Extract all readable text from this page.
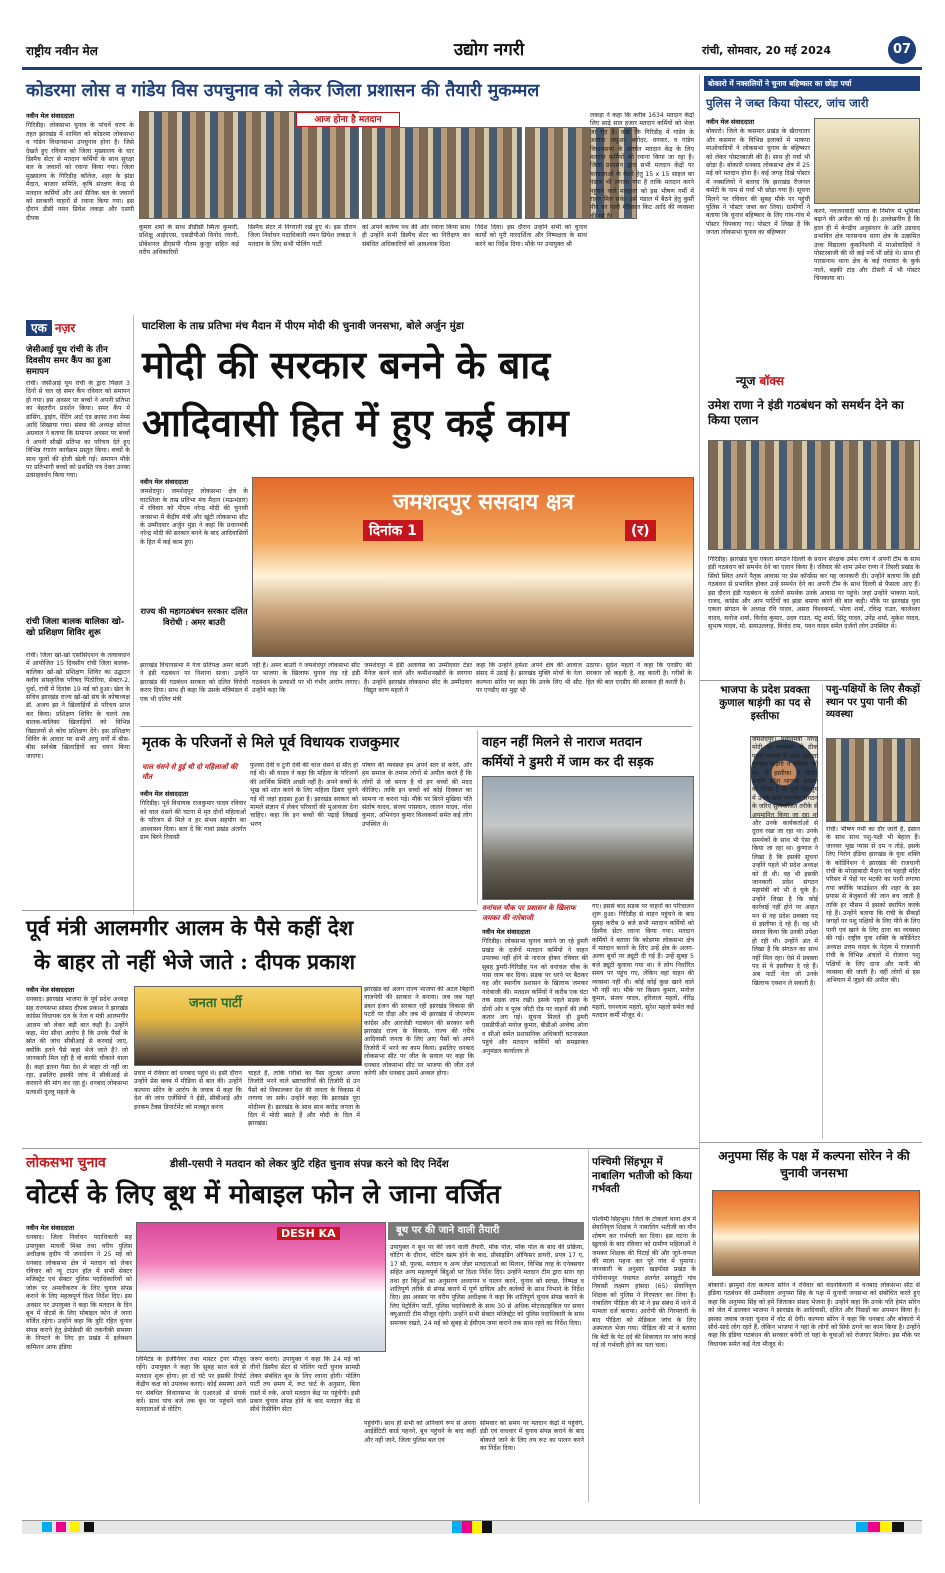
राष्ट्रीय नवीन मेल	उद्योग नगरी	रांची, सोमवार, 20 मई 2024	07
कोडरमा लोस व गांडेय विस उपचुनाव को लेकर जिला प्रशासन की तैयारी मुकम्मल
नवीन मेल संवाददाता
गिरिडीह। लोकसभा चुनाव के पांचवें चरण के तहत झारखंड में शामिल को कोडरमा लोकसभा व गांडेय विधानसभा उपचुनाव होना है। जिसे देखते हुए रविवार को जिला मुख्यालय के चार डिस्पैच सेंटर से मतदान कर्मियों के साथ सुरक्षा बल के जवानों को रवाना किया गया। जिला मुख्यालय के गिरिडीह कॉलेज, शहर के झंडा मैदान, बाजार समिति, कृषि संरक्षण केन्द्र से मतदान कर्मियों और अर्ध सैनिक बल के जवानों को सरकारी वाहनों से रवाना किया गया। इस दौरान डीसी नमन प्रियेश लकड़ा और एसपी दीपक
आज होना है मतदान
कुमार शर्मा के साथ डीडीसी स्मिता कुमारी, प्रशिक्षु आईएएस, एसडीपीओ विनोद रवानी, प्रोबेशनल डीएसपी गौतम कुजूर सहित कई वरीय अधिकारियों
डिस्पैच सेंटर में निगरानी रखे हुए थे। इस दौरान जिला निर्वाचन पदाधिकारी नमन प्रियेश लकड़ा ने मतदान के लिए सभी पोलिंग पार्टी
को अपने कर्तव्य पथ की ओर रवाना किया साथ ही उन्होंने सभी डिस्पैच सेंटर का निरीक्षण कर संबंधित अधिकारियों को आवश्यक दिशा
निर्देश दिया। इस दौरान उन्होंने सभी को चुनाव कार्यों को पूरी पारदर्शिता और निष्पक्षता के साथ करने का निर्देश दिया। मौके पर उपायुक्त श्री
लकड़ा ने कहा कि करीब 1634 मतदान केंद्रों लिए साढ़े सात हजार मतदान कर्मियों को भेजा जा रहा है। कहा कि गिरिडीह में गांडेय के अलावा जमुआ, बगोदर, धनवार, व गांडेय विधानसभा के अंतर्गत मतदान केंद्र के लिए मतदान कर्मियों को रवाना किया जा रहा है। जिला प्रशासन द्वारा सभी मतदान केंद्रों पर मतदाताओं के बैठने हेतु 15 x 15 साइज का पंडाल भी लगाया गया है ताकि मतदान करने पहुंचने वाले मतदाता को इस भीषण गर्मी में राहत मिल सके। उसे पंडाल में बैठने हेतु कुर्सी पीने का पानी मेडिकल किट आदि की व्यवस्था की गई है।
बोकारो में नक्सलियों ने चुनाव बहिष्कार का छोड़ा पर्चा
पुलिस ने जब्त किया पोस्टर, जांच जारी
नवीन मेल संवाददाता
बोकारो। जिले के कसमार प्रखंड के खैराचातर और कसमार के विभिन्न इलाकों में भाकपा माओवादियों ने लोकसभा चुनाव के बहिष्कार को लेकर पोस्टरबाजी की है। साथ ही पर्चा भी छोड़ा है। बोकारो धनबाद लोकसभा क्षेत्र में 25 मई को मतदान होना है। कई जगह दिखे पोस्टर में नक्सलियों ने बताया कि झारखंड रीजनल कमेटी के नाम से पर्चा भी छोड़ा गया है। सूचना मिलने पर रविवार की सुबह मौके पर पहुंची पुलिस ने पोस्टर जब्त कर लिया। ग्रामीणों ने बताया कि चुनाव बहिष्कार के लिए गांव-गांव में पोस्टर चिपकाए गए। पोस्टर में लिखा है कि जनता लोकसभा चुनाव का बहिष्कार
करने, नवजनवादी भारत के निर्माण में भूमिका बढ़ाने की अपील की गई है। उल्लेखनीय है कि हाल ही में केन्द्रीय अनुसंधान के अति उग्रवाद प्रभावित क्षेत्र पारसनाथ थाना क्षेत्र के उत्क्रमित उच्च विद्यालय कुकनिशपी में माओवादियों ने पोस्टरबाजी की थी कई पर्चे भी छोड़े थे। साथ ही पारसनाथ थाना क्षेत्र के कई पंचायत के कुर्क नाले, बड़की टांड़ और टीसरी में भी पोस्टर चिपकाया था।
एक नज़र
जेसीआई यूथ रांची के तीन दिवसीय समर कैंप का हुआ समापन
रांची। जेसीआई यूथ रांची के द्वारा पिछले 3 दिनों से चल रहे समर कैंप रविवार को समापन हो गया। इस अवसर पर बच्चों ने अपनी प्रतिभा का बेहतरीन प्रदर्शन किया। समर कैंप में डांसिंग, ड्राइंग, पेंटिंग आर्ट एंड क्राफ्ट तथा मेम्स आदि सिखाया गया। संस्था की अध्यक्ष सोनल अग्रवाल ने बताया कि समापन अवसर पर बच्चों ने अपनी सीखी प्रतिभा का परिचय देते हुए विभिन्न रंगारंग कार्यक्रम प्रस्तुत किया। बच्चों के साथ फूलों की होली खेली गई। समापन मौके पर प्रतिभागी बच्चों को प्रशस्ति पत्र देकर उनका उत्साहवर्धन किया गया।
रांची जिला बालक बालिका खो-खो प्रशिक्षण शिविर शुरू
रांची। जिला खो-खो एसोसिएशन के तत्वावधान में आयोजित 15 दिवसीय रांची जिला बालक-बालिका खो-खो प्रशिक्षण शिविर का उद्घाटन क्लीव सांस्कृतिक परिषद पिठोरिया, सेक्टर-2, धुर्वा, रांची में दिनांक 19 मई को हुआ। खेल के सचिव झारखंड राज्य खो-खो संघ के कोषाध्यक्ष डॉ. अजय झा ने खिलाड़ियों से परिचय प्राप्त कर किया। प्रशिक्षण शिविर के चलने तक बालक-बालिका खिलाड़ियों को विभिन्न विद्यालयों से कोच प्रशिक्षण देंगे। इस प्रशिक्षण शिविर के आधार पर सभी आयु वर्गों में बीस-बीस सर्वश्रेष्ठ खिलाड़ियों का चयन किया जाएगा।
घाटशिला के ताम्र प्रतिभा मंच मैदान में पीएम मोदी की चुनावी जनसभा, बोले अर्जुन मुंडा
मोदी की सरकार बनने के बाद
आदिवासी हित में हुए कई काम
नवीन मेल संवाददाता
जमशेदपुर। जमशेदपुर लोकसभा क्षेत्र के घाटशिला के ताम्र प्रतिभा मंच मैदान (मऊभंडार) में रविवार को पीएम नरेन्द्र मोदी की चुनावी जनसभा में केंद्रीय मंत्री और खूंटी लोकसभा सीट के उम्मीदवार अर्जुन मुंडा ने कहा कि प्रधानमंत्री नरेन्द्र मोदी की सरकार बनने के बाद आदिवासियों के हित में कई काम हुए।
राज्य की महागठबंधन सरकार दलित विरोधी : अमर बाउरी
जमशदपुर ससदाय क्षत्र
दिनांक 1	(र)
झारखंड विधानसभा में नेता प्रतिपक्ष अमर बाउरी ने इंडी गठबंधन पर निशाना साधा। उन्होंने झारखंड की गठबंधन सरकार को दलित विरोधी करार दिया। साथ ही कहा कि उसके मंत्रिमंडल में एक भी दलित मंत्री
नहीं है। अमर बाउरी ने जमशेदपुर लोकसभा सीट पर भाजपा के खिलाफ चुनाव लड़ रहे इंडी गठबंधन के प्रत्याशी पर भी गंभीर आरोप लगाए। उन्होंने कहा कि
जमशेदपुर में इंडी अलायंस का उम्मीदवार टेंडर मैनेज करने वाले और कमीशनखोरों के सरगना हैं। उन्होंने झारखंड लोकसभा सीट के उम्मीदवार विद्युत वरण महतो ने
कहा कि उन्होंने हमेशा अपने क्षेत्र की आवाज संसद में उठाई है। झारखंड मुक्ति मोर्चा के नेता कल्पना सोरेन पर कहा कि उनके लिए भी सीट पर एनडीए का मुद्दा भी
उठाया। सुदेश महतो ने कहा कि एनडीए की सरकार जो कहती है, वह करती है। गरीबों के हित की बात एनडीए की सरकार ही करती है।
मृतक के परिजनों से मिले पूर्व विधायक राजकुमार
चाल धंसने से हुई थी दो महिलाओं की मौत
नवीन मेल संवाददाता
गिरिडीह। पूर्व विधायक राजकुमार यादव रविवार को चाल धंसने की घटना में मृत दोनों महिलाओं के परिजन से मिले व हर संभव सहयोग का आश्वासन दिया। बता दें कि गावां प्रखंड अंतर्गत ग्राम बिरने निवासी
फुलवा देवी व टुनी देवी की चाल धंसने से मौत हो गई थी। श्री यादव ने कहा कि महिला के परिजनों की आर्थिक स्थिति अच्छी नहीं है। अपने बच्चों के भूख को शांत करने के लिए महिला ढिबरा चुनने गई थी जहां हादसा हुआ है। झारखंड सरकार को मामले संज्ञान में लेकर परिवारों की मुआवजा देना चाहिए। कहा कि इन बच्चों की पढ़ाई लिखाई भरण
पोषण की व्यवस्था हम अपने स्तर से करेंगे, और हम समाज के तमाम लोगों से अपील करते हैं कि लोगों से जो बनता है वो इन बच्चों की मदद कीजिए। ताकि इन बच्चों को कोई दिक्कत का सामना ना करना पड़े। मौके पर बिरने मुखिया पति संतोष यादव, संजय पासवान, लालन यादव, नरेश कुमार, अभिनंदन कुमार विश्वकर्मा समेत कई लोग उपस्थित थे।
वाहन नहीं मिलने से नाराज मतदान
कर्मियों ने डुमरी में जाम कर दी सड़क
वनांचल चौक पर प्रशासन के खिलाफ जमकर की नारेबाजी
नवीन मेल संवाददाता
गिरिडीह। लोकसभा चुनाव कराने जा रहे डुमरी प्रखंड के दर्जनों मतदान कर्मियों ने वाहन उपलब्ध नहीं होने से नाराज होकर रविवार की सुबह डुमरी-गिरिडीह पथ को वनांचल चौक के पास जाम कर दिया। सड़क पर धरने पर बैठकर वह और स्थानीय प्रशासन के खिलाफ जमकर नारेबाजी की। मतदान कर्मियों ने करीब एक घंटा तक सड़क जाम रखी। इसके पहले सड़क के दोनों ओर व पूरब जीटी रोड पर वाहनों की लंबी कतार लग गई। सूचना मिलते ही डुमरी एसडीपीओ मनोज कुमार, बीडीओ अन्वेषा ओना व सीओ समेत प्रशासनिक अधिकारी घटनास्थल पहुंचे और मतदान कर्मियों को समझाकर अनुमंडल कार्यालय ले
गए। इससे बाद सड़क पर वाहनों का परिचालन शुरू हुआ। गिरिडीह से वाहन पहुंचने के बाद सुबह करीब 9 बजे सभी मतदान कर्मियों को डिस्पैच सेंटर रवाना किया गया। मतदान कर्मियों ने बताया कि कोडरमा लोकसभा क्षेत्र में मतदान कराने के लिए उन्हें क्षेत्र के अलग-अलग बूथों पर ड्यूटी दी गई है। उन्हें सुबह 5 बजे ड्यूटी बुलाया गया था। वे लोग निर्धारित समय पर पहुंच गए, लेकिन वहां वाहन की व्यवस्था नहीं थी। कोई कोई कुछ खाने वाले भी नहीं था। मौके पर किसन कुमार, मनोज कुमार, संजय यादव, हरिलाल महतो, वीरेंद्र महतो, घनश्याम महतो, सुरेश महतो समेत कई मतदान कर्मी मौजूद थे।
पूर्व मंत्री आलमगीर आलम के पैसे कहीं देश
के बाहर तो नहीं भेजे जाते : दीपक प्रकाश
नवीन मेल संवाददाता
धनबाद। झारखंड भाजपा के पूर्व प्रदेश अध्यक्ष सह राज्यसभा सांसद दीपक प्रकाश ने झारखंड कांग्रेस विधायक दल के नेता व मंत्री आलमगीर आलम को लेकर बड़ी बात कही है। उन्होंने कहा, मेरा सीधा आरोप है कि उनके पैसों के स्रोत की जांच सीबीआई से करवाई जाए, क्योंकि इतने पैसे कहां भेजे जाते हैं? जो जानकारी मिल रही है वो काफी चौकाने वाला है। कहां इतना पैसा देश से बाहर तो नहीं जा रहा, इसलिए इसकी जांच में सीबीआई से करवाने की मांग कर रहा हूं। धनबाद लोकसभा प्रत्याशी दुल्लू महतो के
जनता पार्टी
प्रचार में रविवार को धनबाद पहुंचे थे। इसी दौरान उन्होंने प्रेस क्लब में मीडिया से बात की। उन्होंने कल्पना सोरेन के आरोप के जवाब में कहा कि देश की जांच एजेंसियों ने ईडी, सीबीआई और इनकम टैक्स डिपार्टमेंट को मजबूत करना
चाहते हैं, ताकि गरीबों का पैसा लूटकर अपना तिजोरी भरने वाले भ्रष्टाचारियों की तिजोरी से उन पैसों को निकालकर देश की जनता के विकास में लगाया जा सके। उन्होंने कहा कि झारखंड पूरा मोदीमय है। झारखंड के साथ साथ करोड़ जनता के दिल में मोदी बसते हैं और मोदी के दिल में झारखंड।
झारखंड को अलग राज्य भाजपा की अटल बिहारी वाजपेयी की सरकार ने बनाया। जब जब यहां डबल इंजन की सरकार रही झारखंड विकास की पटरी पर दौड़ा और जब भी झारखंड में जेएमएम कांग्रेस और आरजेडी गठबंधन की सरकार बनी झारखंड राज्य के विकास, राज्य की गरीब आदिवासी जनता के लिए आए पैसों को अपने तिजोरी में भरने का काम किया। इसलिए धनबाद लोकसभा सीट पर जीत के सवाल पर कहा कि धनबाद लोकसभा सीट पर भाजपा की जीत दर्ज करेगी और धनबाद उसमें अव्वल होगा।
न्यूज बॉक्स
उमेश राणा ने इंडी गठबंधन को समर्थन देने का किया एलान
गिरिडीह। झारखंड युवा एकता संगठन दिल्ली के प्रधान संरक्षक उमेश राणा ने अपनी टीम के साथ इंडी गठबंधन को समर्थन देने का एलान किया है। रविवार की शाम उमेश राणा ने तिसरी प्रखंड के सिंघो स्थित अपने पैतृक आवास पर प्रेस कॉन्फ्रेंस कर यह जानकारी दी। उन्होंने बताया कि इंडी गठबंधन से प्रभावित होकर उन्हें समर्थन देने का अपनी टीम के साथ दिल्ली से फ़ैसला आए हैं। इस दौरान इंडी गठबंधन के दर्जनों समर्थक उनके आवास पर पहुंचे। जहां उन्होंने भाकपा माले, राजद, कांग्रेस और आप पार्टियों का झंडा थमाया करने की बात कही। मौके पर झारखंड युवा एकता संगठन के अध्यक्ष रवि यादव, असरा विश्वकर्मा, भोला शर्मा, रविन्द्र राउत, कालेश्वर यादव, मनोज शर्मा, विनोद कुमार, उदय राउत, मंटू शर्मा, सिंटू यादव, उपेंद्र शर्मा, मुकेश यादव, सुभाष यादव, मो. समाउल्लाह, विनोद राम, पवन यादव समेत दर्जनों लोग उपस्थित थे।
भाजपा के प्रदेश प्रवक्ता कुणाल षाड़ंगी का पद से इस्तीफा
जमशेदपुर। प्रधानमंत्री नरेन्द्र मोदी के कार्यक्रम से ठीक पहले भाजपा के प्रदेश प्रवक्ता कुणाल षाड़ंगी ने रविवार को पद से इस्तीफा दे दिया। उन्होंने प्रदेश भाजपा अध्यक्ष को लिखा है कि पूर्वी सिंहभूम में उनके साथ स्थानीय संगठन के जरिए सुनियोजित तरीके से अपमानित किया जा रहा था और उनके कार्यकर्ताओं से दुराव रखा जा रहा था। उनके समर्थकों के साथ भी ऐसा ही किया जा रहा था। कुणाल ने लिखा है कि इसकी सूचना उन्होंने पहले भी प्रदेश अध्यक्ष को दी थी। वह भी इसकी जानकारी प्रदेश संगठन महामंत्री को भी दे चुके हैं। उन्होंने लिखा है कि कोई कार्रवाई नहीं होने पर आहत मन से वह प्रदेश प्रवक्ता पद से इस्तीफा दे रहे हैं। वह भी सवाल किया कि उनकी उपेक्षा हो रही थी। उन्होंने अंत में लिखा है कि संगठन का साथ नहीं मिल रहा। ऐसे में प्रवक्ता पद से वे इस्तीफा दे रहे हैं। अब पार्टी नेता जो उनके खिलाफ एक्शन ले सकती है।
पशु-पक्षियों के लिए सैकड़ों स्थान पर पुया पानी की व्यवस्था
रांची। भीषण गर्मी का दौर जारी है, इंसान के साथ साथ पशु-पक्षी भी बेहाल हैं। जानवर भूख प्यास से दम न तोड़े, इसके लिए निरोग इंडिया झारखंड के युवा शक्ति के कोर्डिनेशन ने झारखंड की राजधानी रांची के मोरहाबादी मैदान एवं पहाड़ी मंदिर परिसर में पेड़ों पर मटकी का पानी लगाया गया क्योंकि फाउंडेशन की शहर के इस प्रयास से बेजुबानों की जान बच जाती है ताकि हर मौसम में इसको स्थापित करके रहे हैं। उन्होंने बताया कि रांची के सैकड़ों जगहों पर पशु पक्षियों के लिए पीने के लिए पानी एवं खाने के लिए दाना का व्यवस्था की गई। राष्ट्रीय युवा शक्ति के कोर्डिनेटर अध्यक्ष उत्तम यादव के नेतृत्व में राजधानी रांची के विभिन्न अंचलों में रोजाना पशु पक्षियों के लिए दाना और पानी की व्यवस्था की जाती है। वहीं लोगों से इस अभियान में जुड़ने की अपील की।
लोकसभा चुनाव	डीसी-एसपी ने मतदान को लेकर त्रुटि रहित चुनाव संपन्न करने को दिए निर्देश
वोटर्स के लिए बूथ में मोबाइल फोन ले जाना वर्जित
नवीन मेल संवाददाता
धनबाद। जिला निर्वाचन पदाधिकारी सह उपायुक्त माधवी मिश्रा तथा वरीय पुलिस अधीक्षक हृदीप पी जनार्दनन ने 25 मई को धनबाद लोकसभा क्षेत्र में मतदान को लेकर रविवार को न्यू टाउन हॉल में सभी सेक्टर मजिस्ट्रेट एवं सेक्टर पुलिस पदाधिकारियों को जोरू पर अमलीकरण के लिए चुनाव संपन्न कराने के लिए महत्वपूर्ण दिशा निर्देश दिए। इस अवसर पर उपायुक्त ने कहा कि मतदान के दिन बूथ में वोटर्स के लिए मोबाइल फोन ले जाना वर्जित रहेगा। उन्होंने कहा कि त्रुटि रहित चुनाव संपन्न कराने हेतु डेमोक्रेसी की तकनीकी समस्या के निपटने के लिए हर प्रखंड में इलेक्शन कमिशन आफ इंडिया
DESH KA
लिमिटेड के इंजीनियर तथा मास्टर ट्रेनर मौजूद रहेंगे। उपायुक्त ने कहा कि सुबह सात बजे से मतदान शुरू होगा। हर दो घंटे पर इसकी रिपोर्ट केंद्रीय कक्ष को उपलब्ध कराएं। कोई समस्या आने पर संबंधित विधानसभा के एआरओ से संपर्क करें। साथ पांच बजे तक बूथ पर पहुंचने वाले मतदाताओं से वोटिंग
जरूर कराएं। उपायुक्त ने कहा कि 24 मई को तीनों डिस्पैच सेंटर से पोलिंग पार्टी चुनाव सामग्री लेकर संबंधित बूथ के लिए रवाना होंगी। पोलिंग पार्टी तय समय में, रूट चार्ट के अनुसार, बिना रास्ते में रुके, अपने मतदान केंद्र पर पहुंचेंगी। इसी प्रकार चुनाव संपन्न होने के बाद मतदान केंद्र से सीधे रिसीविंग सेंटर
बूथ पर की जाने वाली तैयारी
उपायुक्त ने बूथ पर की जाने वाली तैयारी, मॉक पोल, मॉक पोल के बाद की प्रक्रिया, वोटिंग के दौरान, वोटिंग खत्म होने के बाद, प्रीसाइडिंग ऑफिसर डायरी, प्रपत्र 17 ए, 17 सी, फुल्स, मतदान व अन्य जेंडर मतदाताओं का मिलान, विभिन्न तरह के एनेक्सचर सहित अन्य महत्वपूर्ण बिंदुओं पर दिशा निर्देश दिए। उन्होंने मतदान टीम द्वारा सारा रहा तथा हर बिंदुओं का अनुसरण अध्यापन व पालन करने, चुनाव को स्वच्छ, निष्पक्ष व शांतिपूर्ण तरीके से संपन्न कराने में पूर्ण दायित्व और कर्तव्यों के साथ निभाने के निर्देश दिए। इस अवसर पर वरीय पुलिस अधीक्षक ने कहा कि शांतिपूर्ण चुनाव संपन्न कराने के लिए पेट्रोलिंग पार्टी, पुलिस पदाधिकारी के साथ 30 से अधिक मोटरसाइकिल पर सवार क्यूआरटी टीम मौजूद रहेगी। उन्होंने सभी सेक्टर मजिस्ट्रेट को पुलिस पदाधिकारी के साथ समन्वय रखते, 24 मई को सुबह से ईवीएम जमा कराने तक साथ रहने का निर्देश दिया।
पहुंचेंगी। साथ ही सभी को अनिवार्य रूप से अपना आईडेंटिटी कार्ड पहनने, बूथ पहुंचने के बाद कहीं और नहीं जाने, जिला पुलिस बल एवं
सोमवार को समय पर मतदान केंद्रों में पहुंचेंगे, इंडी एवं वाधवार में चुनाव संपन्न कराने के बाद बोकारो जाने के लिए तय रूट का पालन करने का निर्देश दिया।
पश्चिमी सिंहभूम में नाबालिग भतीजी को किया गर्भवती
पश्चिमी सिंहभूम। जिले के टोकलो थाना क्षेत्र में सेवानिवृत्त शिक्षक ने नाबालिग भतीजी का यौन शोषण कर गर्भवती कर दिया। इस घटना के खुलासे के बाद रविवार को ग्रामीण महिलाओं ने जमकर शिक्षक की पिटाई की और जूते-चप्पल की माला पहना कर पूरे गांव में घुमाया। जानकारी के अनुसार खड़पोसा प्रखंड के गोपीनाथपुर पंचायत अंतर्गत सनाहुटी गांव निवासी लक्ष्मण हांसदा (65) सेवानिवृत्त शिक्षक को पुलिस ने गिरफ्तार कर लिया है। नाबालिग पीड़िता की मां ने इस संबंध में थाने में मामला दर्ज कराया। आरोपी की गिरफ्तारी के बाद पीड़िता को मेडिकल जांच के लिए अस्पताल भेजा गया। पीड़िता की मां ने बताया कि बेटी के पेट दर्द की शिकायत पर जांच कराई गई तो गर्भवती होने का पता चला।
अनुपमा सिंह के पक्ष में कल्पना सोरेन ने की चुनावी जनसभा
बोकारो। झामुमो नेता कल्पना सोरेन ने रविवार को चंदनकियारी में धनबाद लोकसभा सीट से इंडिया गठबंधन की उम्मीदवार अनुपमा सिंह के पक्ष में चुनावी जनसभा को संबोधित करते हुए कहा कि अनुपमा सिंह को हमें जिताकर संसद भेजना है। उन्होंने कहा कि उनके पति हेमंत सोरेन को जेल में डालकर भाजपा ने झारखंड के आदिवासी, दलित और पिछड़ों का अपमान किया है। इसका जवाब जनता चुनाव में वोट से देगी। कल्पना सोरेन ने कहा कि धनबाद और बोकारो में सीधे-सादे लोग रहते हैं, लेकिन भाजपा ने यहां के लोगों को सिर्फ ठगने का काम किया है। उन्होंने कहा कि इंडिया गठबंधन की सरकार बनेगी तो यहां के युवाओं को रोजगार मिलेगा। इस मौके पर विधायक समेत कई नेता मौजूद थे।
